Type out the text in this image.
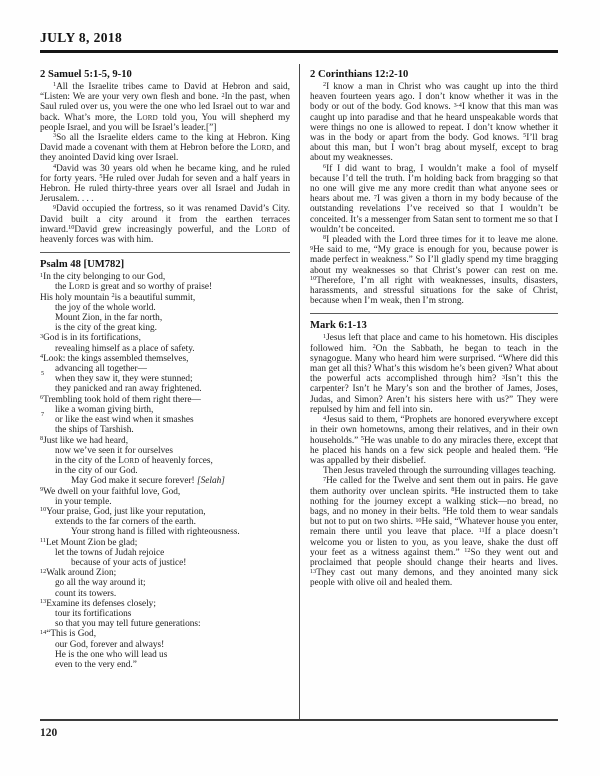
JULY 8, 2018
2 Samuel 5:1-5, 9-10

$^1$All the Israelite tribes came to David at Hebron and said, “Listen: We are your very own flesh and bone. $^2$In the past, when Saul ruled over us, you were the one who led Israel out to war and back. What’s more, the Lord told you, You will shepherd my people Israel, and you will be Israel’s leader.[”]

$^3$So all the Israelite elders came to the king at Hebron. King David made a covenant with them at Hebron before the Lord, and they anointed David king over Israel.

$^4$David was 30 years old when he became king, and he ruled for forty years. $^5$He ruled over Judah for seven and a half years in Hebron. He ruled thirty-three years over all Israel and Judah in Jerusalem. . . .

$^9$David occupied the fortress, so it was renamed David’s City. David built a city around it from the earthen terraces inward.$^{10}$David grew increasingly powerful, and the Lord of heavenly forces was with him.

Psalm 48 [UM782]
$^1$In the city belonging to our God,
the Lord is great and so worthy of praise!
His holy mountain $^2$is a beautiful summit,
the joy of the whole world.
Mount Zion, in the far north,
is the city of the great king.
$^3$God is in its fortifications,
revealing himself as a place of safety.
$^4$Look: the kings assembled themselves,
advancing all together—
5
when they saw it, they were stunned;
they panicked and ran away frightened.
$^6$Trembling took hold of them right there—
like a woman giving birth,
7
or like the east wind when it smashes
the ships of Tarshish.
$^8$Just like we had heard,
now we’ve seen it for ourselves
in the city of the Lord of heavenly forces,
in the city of our God.
May God make it secure forever! [Selah]
$^9$We dwell on your faithful love, God,
in your temple.
$^{10}$Your praise, God, just like your reputation,
extends to the far corners of the earth.
Your strong hand is filled with righteousness.
$^{11}$Let Mount Zion be glad;
let the towns of Judah rejoice
because of your acts of justice!
$^{12}$Walk around Zion;
go all the way around it;
count its towers.
$^{13}$Examine its defenses closely;
tour its fortifications
so that you may tell future generations:
$^{14}$“This is God,
our God, forever and always!
He is the one who will lead us
even to the very end.”
2 Corinthians 12:2-10

$^2$I know a man in Christ who was caught up into the third heaven fourteen years ago. I don’t know whether it was in the body or out of the body. God knows. $^{3-4}$I know that this man was caught up into paradise and that he heard unspeakable words that were things no one is allowed to repeat. I don’t know whether it was in the body or apart from the body. God knows. $^5$I’ll brag about this man, but I won’t brag about myself, except to brag about my weaknesses.

$^6$If I did want to brag, I wouldn’t make a fool of myself because I’d tell the truth. I’m holding back from bragging so that no one will give me any more credit than what anyone sees or hears about me. $^7$I was given a thorn in my body because of the outstanding revelations I’ve received so that I wouldn’t be conceited. It’s a messenger from Satan sent to torment me so that I wouldn’t be conceited.

$^8$I pleaded with the Lord three times for it to leave me alone. $^9$He said to me, “My grace is enough for you, because power is made perfect in weakness.” So I’ll gladly spend my time bragging about my weaknesses so that Christ’s power can rest on me. $^{10}$Therefore, I’m all right with weaknesses, insults, disasters, harassments, and stressful situations for the sake of Christ, because when I’m weak, then I’m strong.

Mark 6:1-13

$^1$Jesus left that place and came to his hometown. His disciples followed him. $^2$On the Sabbath, he began to teach in the synagogue. Many who heard him were surprised. “Where did this man get all this? What’s this wisdom he’s been given? What about the powerful acts accomplished through him? $^3$Isn’t this the carpenter? Isn’t he Mary’s son and the brother of James, Joses, Judas, and Simon? Aren’t his sisters here with us?” They were repulsed by him and fell into sin.

$^4$Jesus said to them, “Prophets are honored everywhere except in their own hometowns, among their relatives, and in their own households.” $^5$He was unable to do any miracles there, except that he placed his hands on a few sick people and healed them. $^6$He was appalled by their disbelief.

Then Jesus traveled through the surrounding villages teaching.

$^7$He called for the Twelve and sent them out in pairs. He gave them authority over unclean spirits. $^8$He instructed them to take nothing for the journey except a walking stick—no bread, no bags, and no money in their belts. $^9$He told them to wear sandals but not to put on two shirts. $^{10}$He said, “Whatever house you enter, remain there until you leave that place. $^{11}$If a place doesn’t welcome you or listen to you, as you leave, shake the dust off your feet as a witness against them.” $^{12}$So they went out and proclaimed that people should change their hearts and lives. $^{13}$They cast out many demons, and they anointed many sick people with olive oil and healed them.

120
